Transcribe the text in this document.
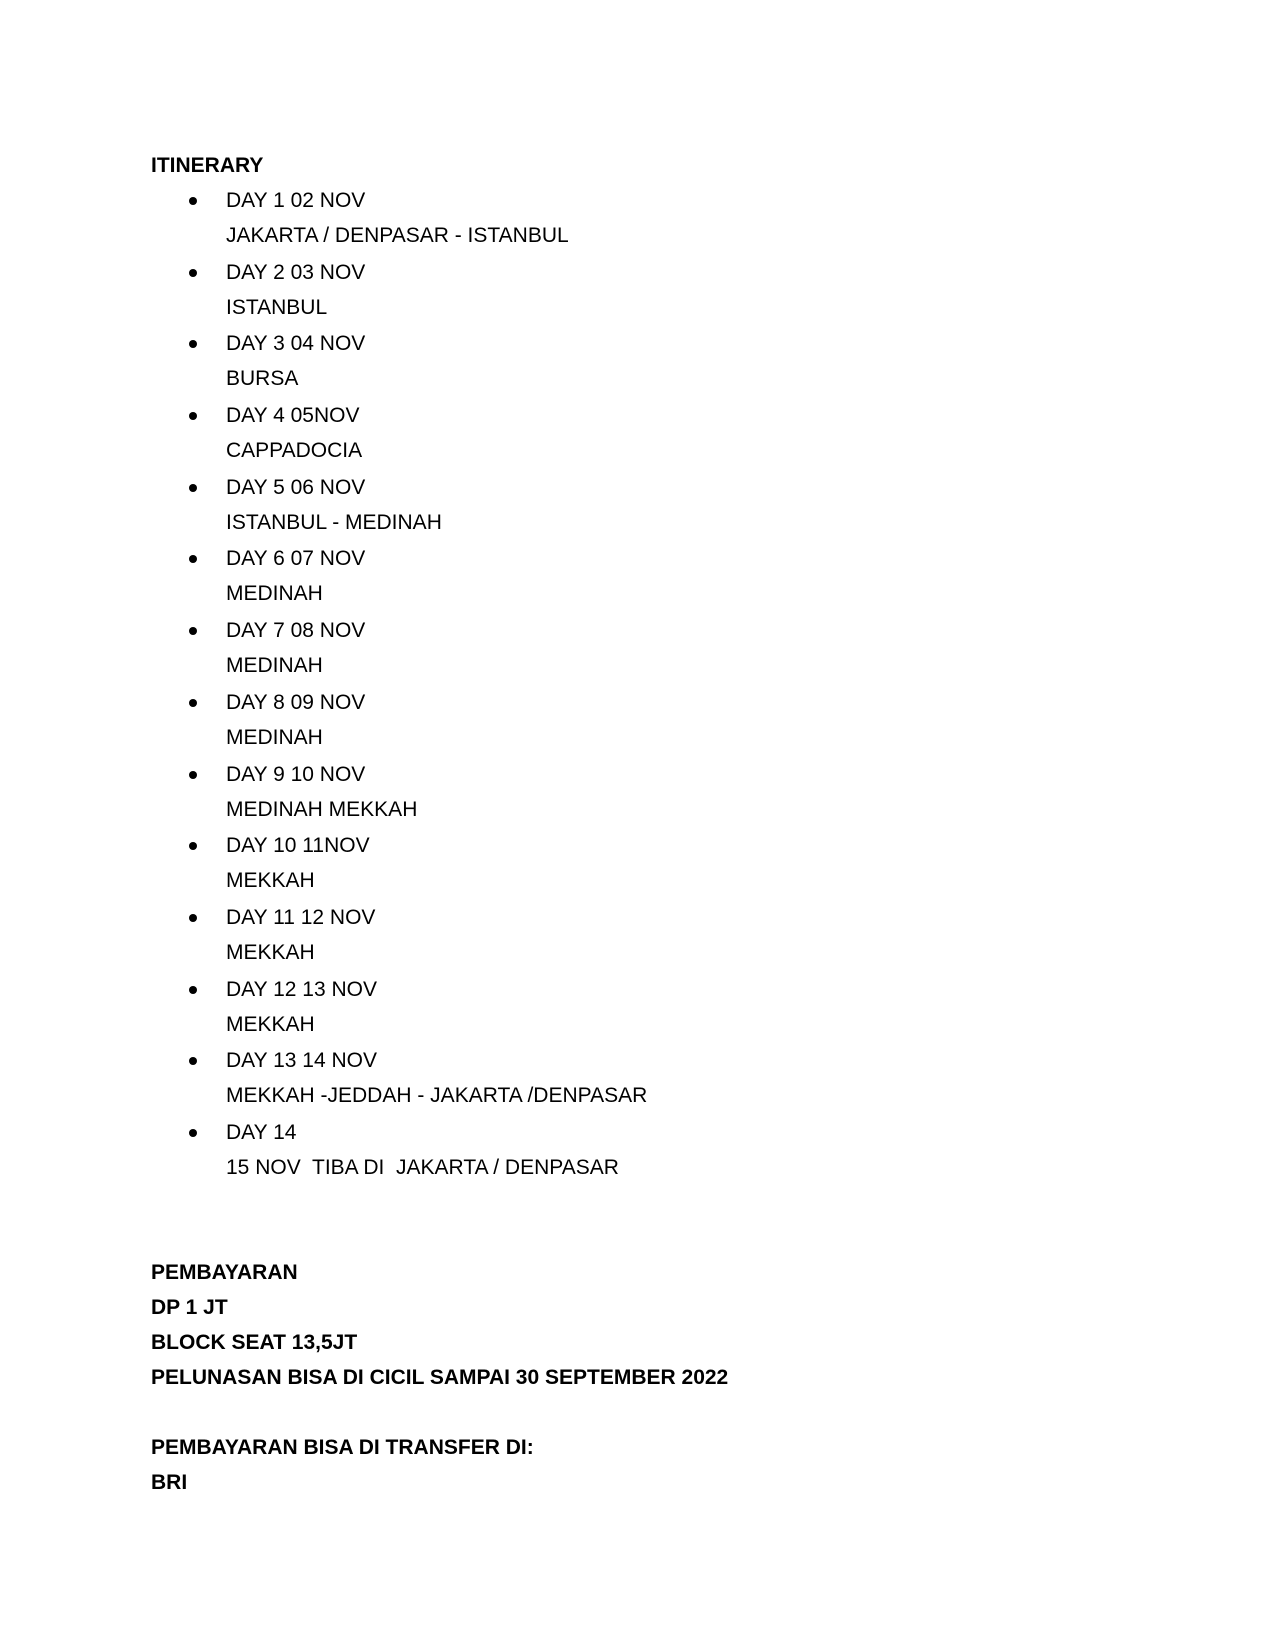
ITINERARY
DAY 1 02 NOV
JAKARTA / DENPASAR - ISTANBUL
DAY 2 03 NOV
ISTANBUL
DAY 3 04 NOV
BURSA
DAY 4 05NOV
CAPPADOCIA
DAY 5 06 NOV
ISTANBUL - MEDINAH
DAY 6 07 NOV
MEDINAH
DAY 7 08 NOV
MEDINAH
DAY 8 09 NOV
MEDINAH
DAY 9 10 NOV
MEDINAH MEKKAH
DAY 10 11NOV
MEKKAH
DAY 11 12 NOV
MEKKAH
DAY 12 13 NOV
MEKKAH
DAY 13 14 NOV
MEKKAH -JEDDAH - JAKARTA /DENPASAR
DAY 14
15 NOV  TIBA DI  JAKARTA / DENPASAR
PEMBAYARAN
DP 1 JT
BLOCK SEAT 13,5JT
PELUNASAN BISA DI CICIL SAMPAI 30 SEPTEMBER 2022
PEMBAYARAN BISA DI TRANSFER DI:
BRI
